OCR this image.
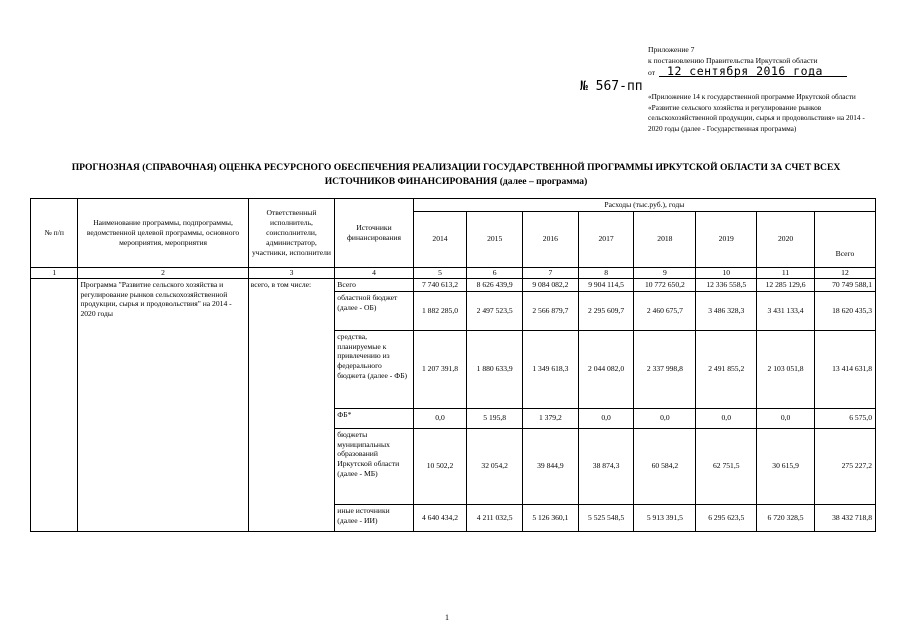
Приложение 7
к постановлению Правительства Иркутской области
от	12 сентября 2016 года
№ 567-пп
«Приложение 14 к государственной программе Иркутской области «Развитие сельского хозяйства и регулирование рынков сельскохозяйственной продукции, сырья и продовольствия» на 2014 - 2020 годы (далее - Государственная программа)
ПРОГНОЗНАЯ (СПРАВОЧНАЯ) ОЦЕНКА РЕСУРСНОГО ОБЕСПЕЧЕНИЯ РЕАЛИЗАЦИИ ГОСУДАРСТВЕННОЙ ПРОГРАММЫ ИРКУТСКОЙ ОБЛАСТИ ЗА СЧЕТ ВСЕХ ИСТОЧНИКОВ ФИНАНСИРОВАНИЯ (далее – программа)
№ п/п	Наименование программы, подпрограммы, ведомственной целевой программы, основного мероприятия, мероприятия	Ответственный исполнитель, соисполнители, администратор, участники, исполнители	Источники финансирования	Расходы (тыс.руб.), годы							
				2014	2015	2016	2017	2018	2019	2020	Всего
1	2	3	4	5	6	7	8	9	10	11	12
	Программа "Развитие сельского хозяйства и регулирование рынков сельскохозяйственной продукции, сырья и продовольствия" на 2014 - 2020 годы	всего, в том числе:	Всего	7 740 613,2	8 626 439,9	9 084 082,2	9 904 114,5	10 772 650,2	12 336 558,5	12 285 129,6	70 749 588,1
			областной бюджет (далее - ОБ)	1 882 285,0	2 497 523,5	2 566 879,7	2 295 609,7	2 460 675,7	3 486 328,3	3 431 133,4	18 620 435,3
			средства, планируемые к привлечению из федерального бюджета (далее - ФБ)	1 207 391,8	1 880 633,9	1 349 618,3	2 044 082,0	2 337 998,8	2 491 855,2	2 103 051,8	13 414 631,8
			ФБ*	0,0	5 195,8	1 379,2	0,0	0,0	0,0	0,0	6 575,0
			бюджеты муниципальных образований Иркутской области (далее - МБ)	10 502,2	32 054,2	39 844,9	38 874,3	60 584,2	62 751,5	30 615,9	275 227,2
			иные источники (далее - ИИ)	4 640 434,2	4 211 032,5	5 126 360,1	5 525 548,5	5 913 391,5	6 295 623,5	6 720 328,5	38 432 718,8
1
